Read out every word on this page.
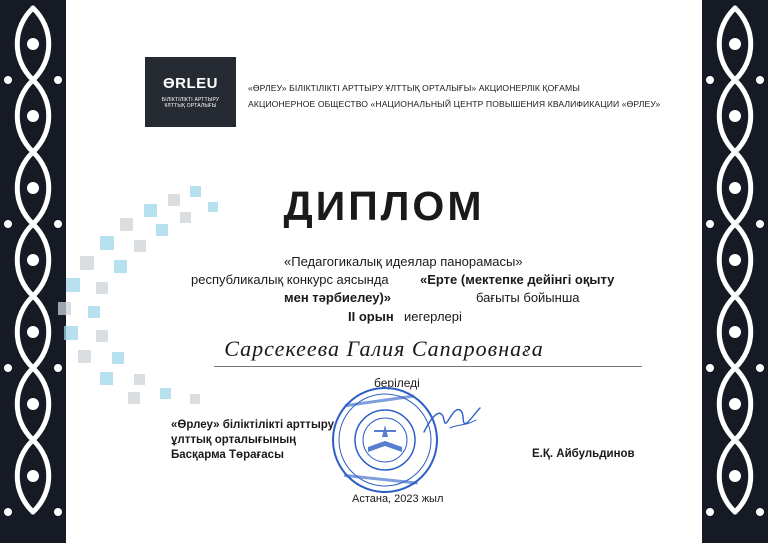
ӨRLEU
БІЛІКТІЛІКТІ АРТТЫРУ
ҰЛТТЫҚ ОРТАЛЫҒЫ
«ӨРЛЕУ» БІЛІКТІЛІКТІ АРТТЫРУ ҰЛТТЫҚ ОРТАЛЫҒЫ» АКЦИОНЕРЛІК ҚОҒАМЫ
АКЦИОНЕРНОЕ ОБЩЕСТВО «НАЦИОНАЛЬНЫЙ ЦЕНТР ПОВЫШЕНИЯ КВАЛИФИКАЦИИ «ӨРЛЕУ»
ДИПЛОМ
«Педагогикалық идеялар панорамасы»
республикалық конкурс аясында «Ерте (мектепке дейінгі оқыту
мен тәрбиелеу)»	бағыты бойынша
II орын иегерлері
Сарсекеева Галия Сапаровнаға
беріледі
«Өрлеу» біліктілікті арттыру
ұлттық орталығының
Басқарма Төрағасы	Е.Қ. Айбульдинов
Астана, 2023 жыл
